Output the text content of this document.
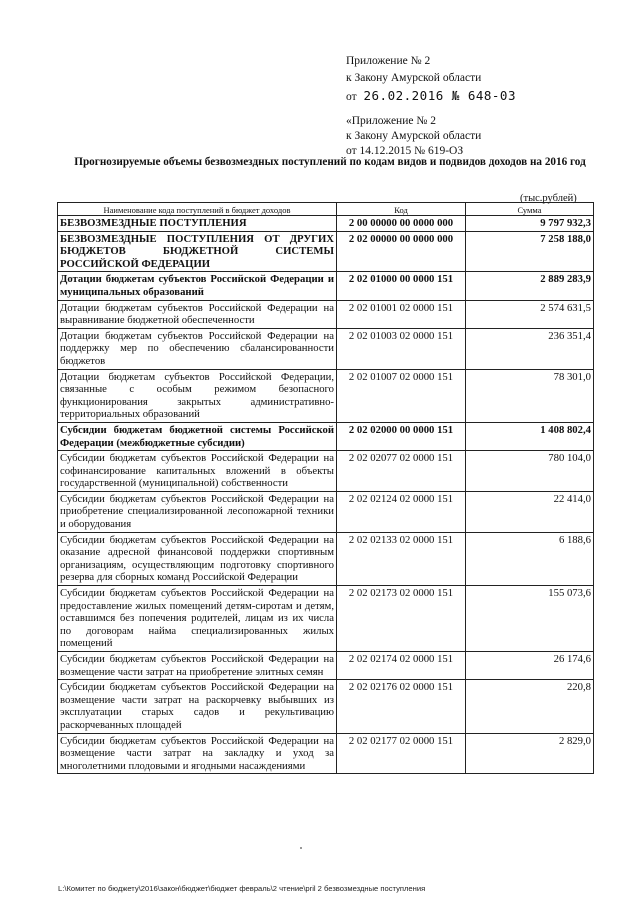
Приложение № 2
к Закону Амурской области
от 26.02.2016 № 648-03
«Приложение № 2
к Закону Амурской области
от 14.12.2015 № 619-ОЗ
Прогнозируемые объемы безвозмездных поступлений по кодам видов и подвидов доходов на 2016 год
(тыс.рублей)
Наименование кода поступлений в бюджет доходов	Код	Сумма
БЕЗВОЗМЕЗДНЫЕ ПОСТУПЛЕНИЯ	2 00 00000 00 0000 000	9 797 932,3
БЕЗВОЗМЕЗДНЫЕ ПОСТУПЛЕНИЯ ОТ ДРУГИХ БЮДЖЕТОВ БЮДЖЕТНОЙ СИСТЕМЫ РОССИЙСКОЙ ФЕДЕРАЦИИ	2 02 00000 00 0000 000	7 258 188,0
Дотации бюджетам субъектов Российской Федерации и муниципальных образований	2 02 01000 00 0000 151	2 889 283,9
Дотации бюджетам субъектов Российской Федерации на выравнивание бюджетной обеспеченности	2 02 01001 02 0000 151	2 574 631,5
Дотации бюджетам субъектов Российской Федерации на поддержку мер по обеспечению сбалансированности бюджетов	2 02 01003 02 0000 151	236 351,4
Дотации бюджетам субъектов Российской Федерации, связанные с особым режимом безопасного функционирования закрытых административно-территориальных образований	2 02 01007 02 0000 151	78 301,0
Субсидии бюджетам бюджетной системы Российской Федерации (межбюджетные субсидии)	2 02 02000 00 0000 151	1 408 802,4
Субсидии бюджетам субъектов Российской Федерации на софинансирование капитальных вложений в объекты государственной (муниципальной) собственности	2 02 02077 02 0000 151	780 104,0
Субсидии бюджетам субъектов Российской Федерации на приобретение специализированной лесопожарной техники и оборудования	2 02 02124 02 0000 151	22 414,0
Субсидии бюджетам субъектов Российской Федерации на оказание адресной финансовой поддержки спортивным организациям, осуществляющим подготовку спортивного резерва для сборных команд Российской Федерации	2 02 02133 02 0000 151	6 188,6
Субсидии бюджетам субъектов Российской Федерации на предоставление жилых помещений детям-сиротам и детям, оставшимся без попечения родителей, лицам из их числа по договорам найма специализированных жилых помещений	2 02 02173 02 0000 151	155 073,6
Субсидии бюджетам субъектов Российской Федерации на возмещение части затрат на приобретение элитных семян	2 02 02174 02 0000 151	26 174,6
Субсидии бюджетам субъектов Российской Федерации на возмещение части затрат на раскорчевку выбывших из эксплуатации старых садов и рекультивацию раскорчеванных площадей	2 02 02176 02 0000 151	220,8
Субсидии бюджетам субъектов Российской Федерации на возмещение части затрат на закладку и уход за многолетними плодовыми и ягодными насаждениями	2 02 02177 02 0000 151	2 829,0
L:\Комитет по бюджету\2016\закон\бюджет\бюджет февраль\2 чтение\pril 2 безвозмездные поступления
